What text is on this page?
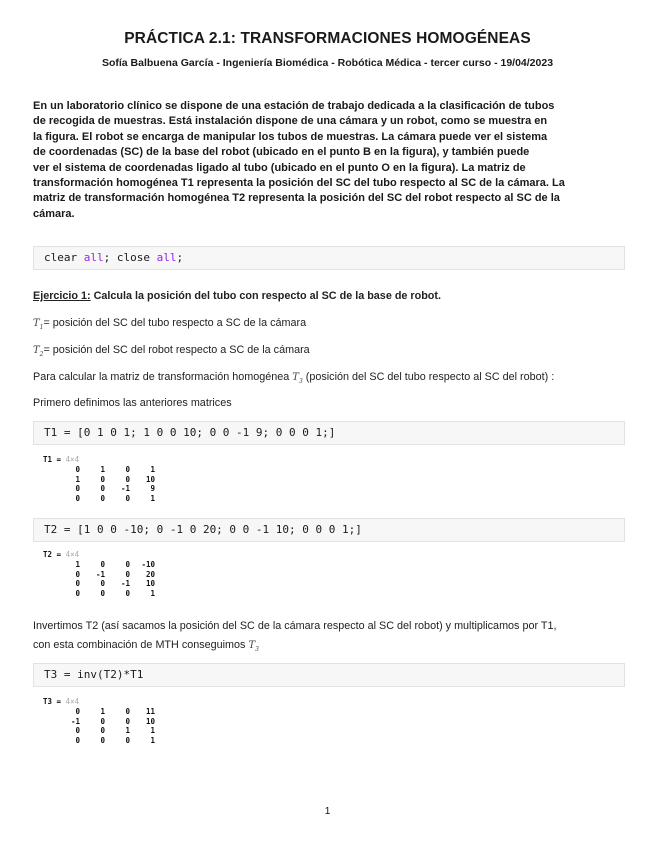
PRÁCTICA 2.1: TRANSFORMACIONES HOMOGÉNEAS
Sofía Balbuena García - Ingeniería Biomédica - Robótica Médica - tercer curso - 19/04/2023
En un laboratorio clínico se dispone de una estación de trabajo dedicada a la clasificación de tubos
de recogida de muestras. Está instalación dispone de una cámara y un robot, como se muestra en
la figura. El robot se encarga de manipular los tubos de muestras. La cámara puede ver el sistema
de coordenadas (SC) de la base del robot (ubicado en el punto B en la figura), y también puede
ver el sistema de coordenadas ligado al tubo (ubicado en el punto O en la figura). La matriz de
transformación homogénea T1 representa la posición del SC del tubo respecto al SC de la cámara. La
matriz de transformación homogénea T2 representa la posición del SC del robot respecto al SC de la
cámara.
clear all; close all;
Ejercicio 1: Calcula la posición del tubo con respecto al SC de la base de robot.
$T_1=$ posición del SC del tubo respecto a SC de la cámara
$T_2=$ posición del SC del robot respecto a SC de la cámara
Para calcular la matriz de transformación homogénea $T_3$ (posición del SC del tubo respecto al SC del robot) :
Primero definimos las anteriores matrices
T1 = [0 1 0 1; 1 0 0 10; 0 0 -1 9; 0 0 0 1;]
T1 = 4×4
0	1	0	1
1	0	0	10
0	0	-1	9
0	0	0	1
T2 = [1 0 0 -10; 0 -1 0 20; 0 0 -1 10; 0 0 0 1;]
T2 = 4×4
1	0	0	-10
0	-1	0	20
0	0	-1	10
0	0	0	1
Invertimos T2 (así sacamos la posición del SC de la cámara respecto al SC del robot) y multiplicamos por T1,
con esta combinación de MTH conseguimos $T_3$
T3 = inv(T2)*T1
T3 = 4×4
0	1	0	11
-1	0	0	10
0	0	1	1
0	0	0	1
1
